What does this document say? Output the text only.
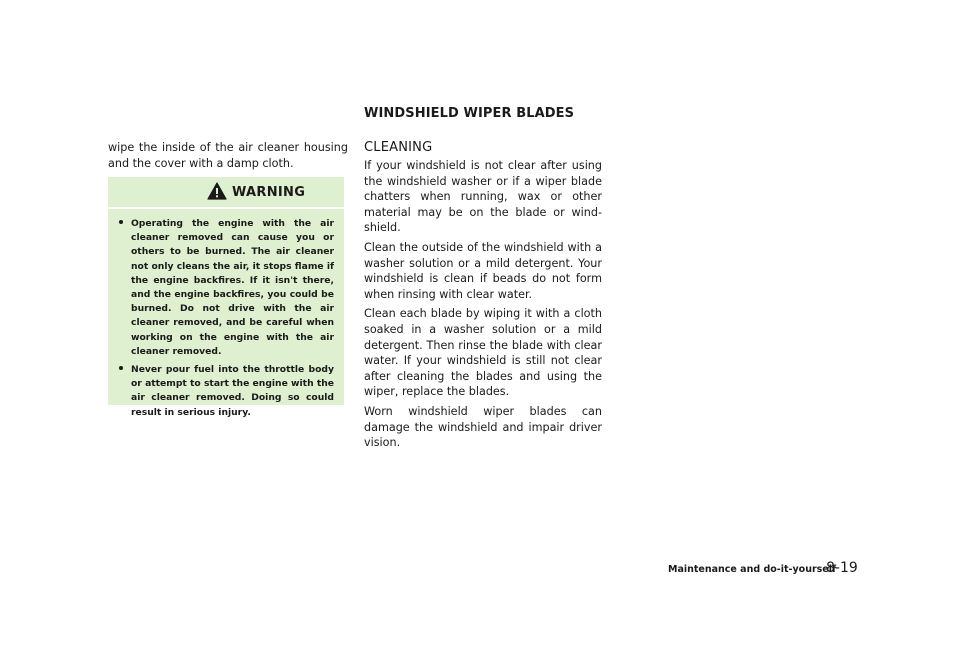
WINDSHIELD WIPER BLADES

wipe the inside of the air cleaner housing and the cover with a damp cloth.

WARNING
Operating the engine with the air cleaner removed can cause you or others to be burned. The air cleaner not only cleans the air, it stops flame if the engine backfires. If it isn't there, and the engine backfires, you could be burned. Do not drive with the air cleaner removed, and be careful when working on the engine with the air cleaner removed.
Never pour fuel into the throttle body or attempt to start the engine with the air cleaner removed. Doing so could result in serious injury.
CLEANING

If your windshield is not clear after using the windshield washer or if a wiper blade chatters when running, wax or other material may be on the blade or wind-shield.

Clean the outside of the windshield with a washer solution or a mild detergent. Your windshield is clean if beads do not form when rinsing with clear water.

Clean each blade by wiping it with a cloth soaked in a washer solution or a mild detergent. Then rinse the blade with clear water. If your windshield is still not clear after cleaning the blades and using the wiper, replace the blades.

Worn windshield wiper blades can damage the windshield and impair driver vision.

Maintenance and do-it-yourself
8-19
